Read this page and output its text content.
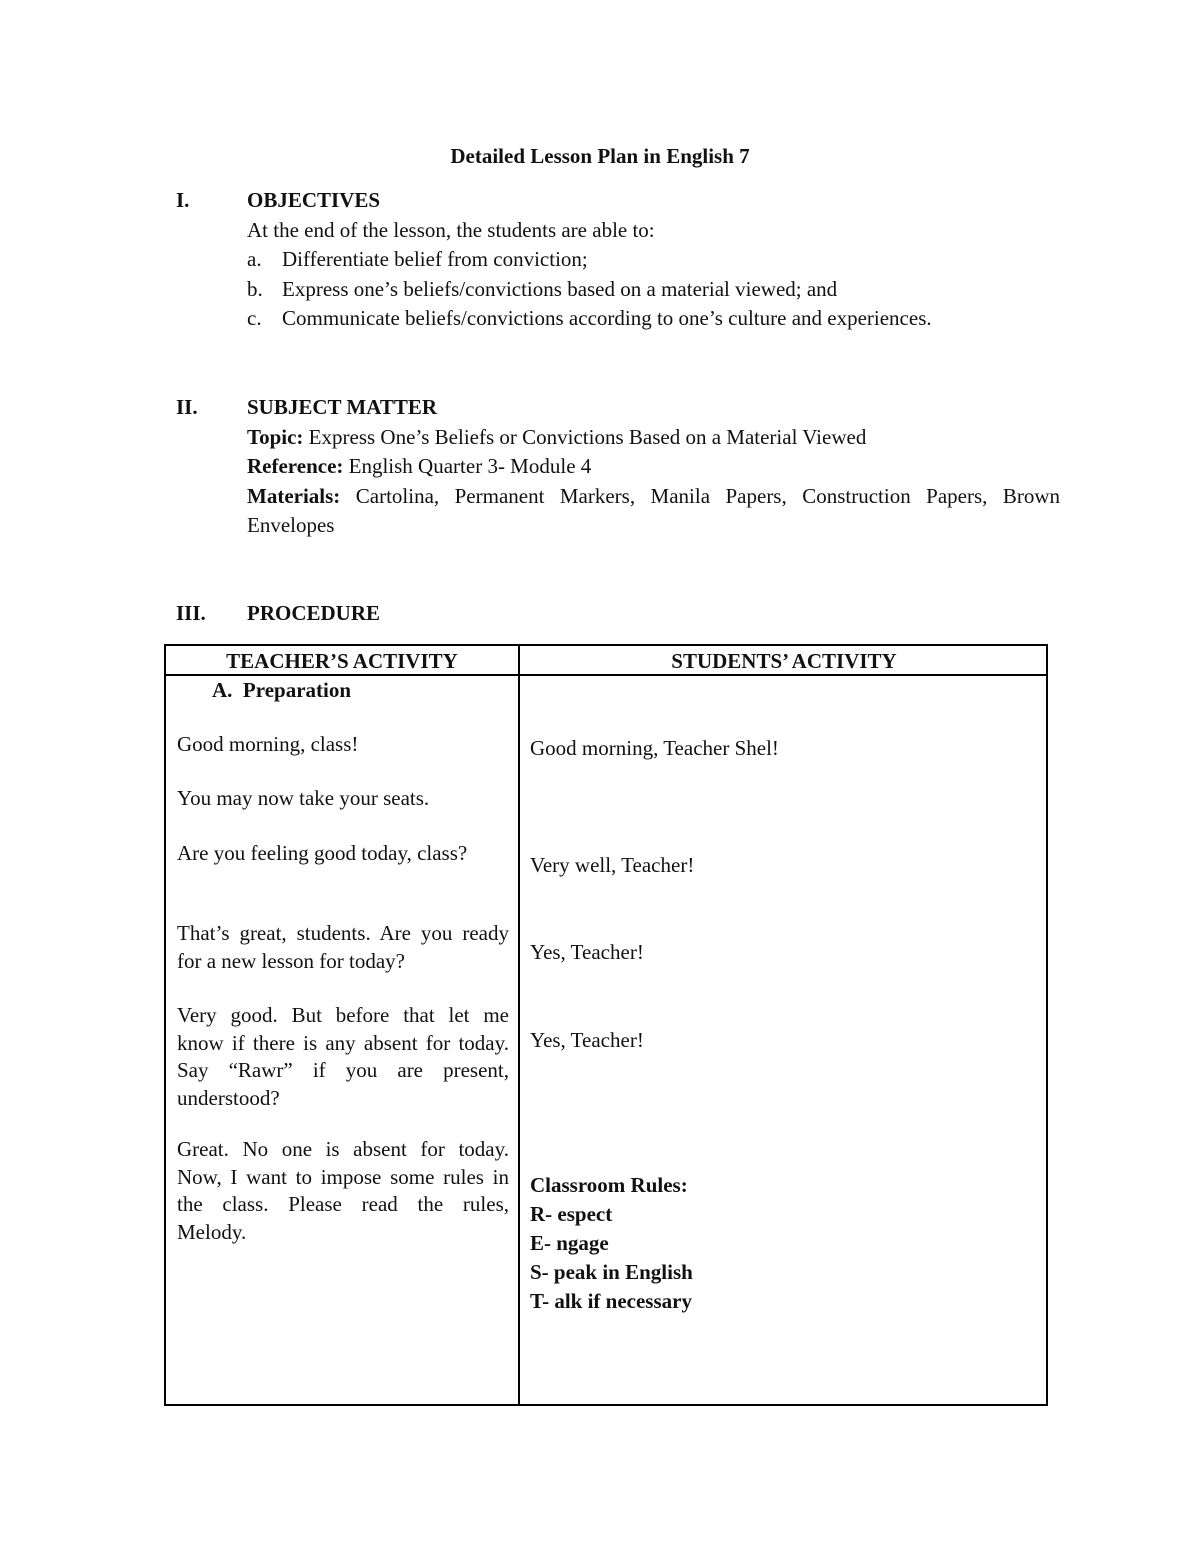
Detailed Lesson Plan in English 7
I.	OBJECTIVES
At the end of the lesson, the students are able to:
a. Differentiate belief from conviction;
b. Express one’s beliefs/convictions based on a material viewed; and
c. Communicate beliefs/convictions according to one’s culture and experiences.
II. SUBJECT MATTER
Topic: Express One’s Beliefs or Convictions Based on a Material Viewed
Reference: English Quarter 3- Module 4
Materials: Cartolina, Permanent Markers, Manila Papers, Construction Papers, Brown Envelopes
III. PROCEDURE
TEACHER’S ACTIVITY	STUDENTS’ ACTIVITY
A. Preparation
Good morning, class!
You may now take your seats.
Are you feeling good today, class?
That’s great, students. Are you ready for a new lesson for today?
Very good. But before that let me know if there is any absent for today. Say “Rawr” if you are present, understood?
Great. No one is absent for today. Now, I want to impose some rules in the class. Please read the rules, Melody.
Good morning, Teacher Shel!
Very well, Teacher!
Yes, Teacher!
Yes, Teacher!
Classroom Rules:
R- espect
E- ngage
S- peak in English
T- alk if necessary
